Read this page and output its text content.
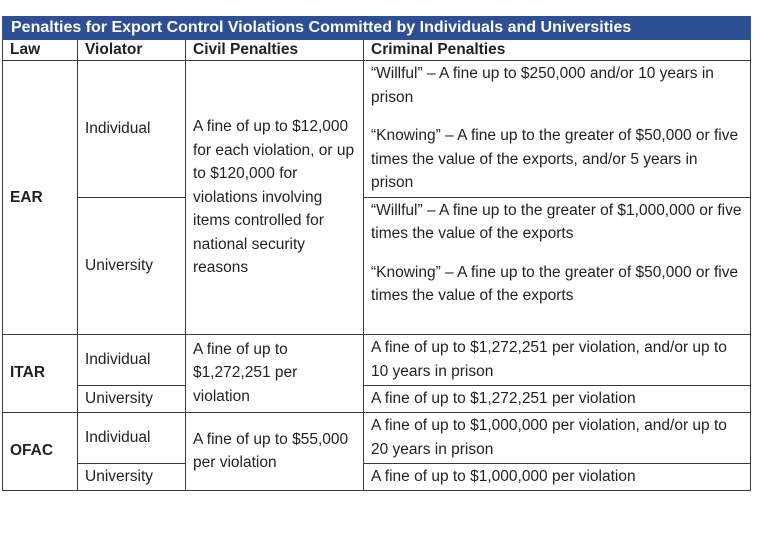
Penalties for Export Control Violations Committed by Individuals and Universities			
Law	Violator	Civil Penalties	Criminal Penalties
EAR	Individual	A fine of up to $12,000 for each violation, or up to $120,000 for violations involving items controlled for national security reasons	“Willful” – A fine up to $250,000 and/or 10 years in prison
“Knowing” – A fine up to the greater of $50,000 or five times the value of the exports, and/or 5 years in prison

	University		“Willful” – A fine up to the greater of $1,000,000 or five times the value of the exports
“Knowing” – A fine up to the greater of $50,000 or five times the value of the exports

ITAR	Individual	A fine of up to $1,272,251 per violation	A fine of up to $1,272,251 per violation, and/or up to 10 years in prison
	University		A fine of up to $1,272,251 per violation
OFAC	Individual	A fine of up to $55,000 per violation	A fine of up to $1,000,000 per violation, and/or up to 20 years in prison
	University		A fine of up to $1,000,000 per violation
